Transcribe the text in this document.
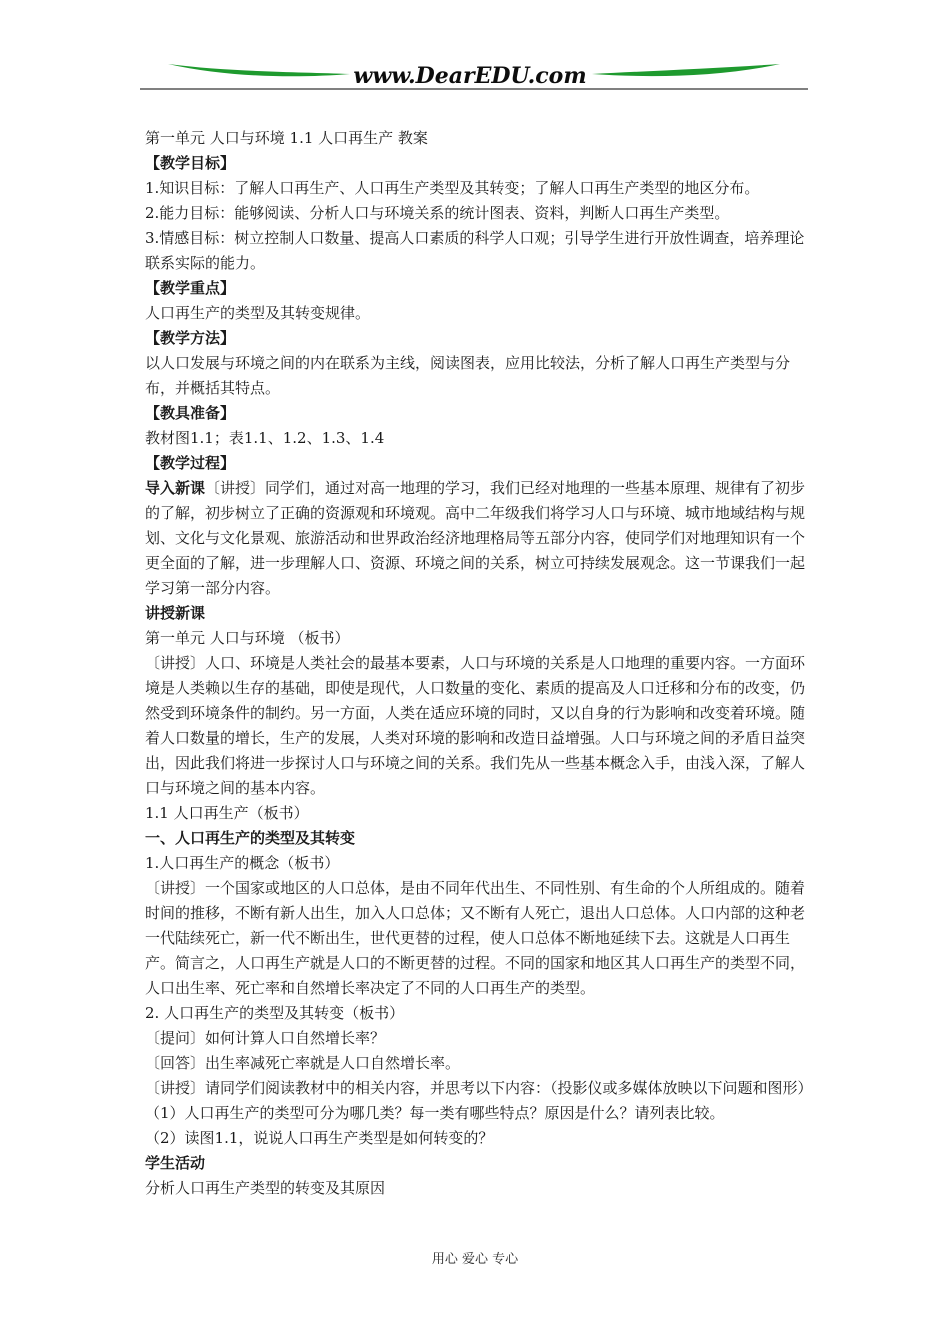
www.DearEDU.com

第一单元 人口与环境 1.1 人口再生产 教案

【教学目标】

1.知识目标：了解人口再生产、人口再生产类型及其转变；了解人口再生产类型的地区分布。

2.能力目标：能够阅读、分析人口与环境关系的统计图表、资料，判断人口再生产类型。

3.情感目标：树立控制人口数量、提高人口素质的科学人口观；引导学生进行开放性调查，培养理论联系实际的能力。

【教学重点】

人口再生产的类型及其转变规律。

【教学方法】

以人口发展与环境之间的内在联系为主线，阅读图表，应用比较法，分析了解人口再生产类型与分布，并概括其特点。

【教具准备】

教材图1.1；表1.1、1.2、1.3、1.4

【教学过程】

导入新课〔讲授〕同学们，通过对高一地理的学习，我们已经对地理的一些基本原理、规律有了初步的了解，初步树立了正确的资源观和环境观。高中二年级我们将学习人口与环境、城市地域结构与规划、文化与文化景观、旅游活动和世界政治经济地理格局等五部分内容，使同学们对地理知识有一个更全面的了解，进一步理解人口、资源、环境之间的关系，树立可持续发展观念。这一节课我们一起学习第一部分内容。

讲授新课

第一单元 人口与环境 （板书）

〔讲授〕人口、环境是人类社会的最基本要素，人口与环境的关系是人口地理的重要内容。一方面环境是人类赖以生存的基础，即使是现代，人口数量的变化、素质的提高及人口迁移和分布的改变，仍然受到环境条件的制约。另一方面，人类在适应环境的同时，又以自身的行为影响和改变着环境。随着人口数量的增长，生产的发展，人类对环境的影响和改造日益增强。人口与环境之间的矛盾日益突出，因此我们将进一步探讨人口与环境之间的关系。我们先从一些基本概念入手，由浅入深，了解人口与环境之间的基本内容。

1.1 人口再生产（板书）

一、人口再生产的类型及其转变

1.人口再生产的概念（板书）

〔讲授〕一个国家或地区的人口总体，是由不同年代出生、不同性别、有生命的个人所组成的。随着时间的推移，不断有新人出生，加入人口总体；又不断有人死亡，退出人口总体。人口内部的这种老一代陆续死亡，新一代不断出生，世代更替的过程，使人口总体不断地延续下去。这就是人口再生产。简言之，人口再生产就是人口的不断更替的过程。不同的国家和地区其人口再生产的类型不同，人口出生率、死亡率和自然增长率决定了不同的人口再生产的类型。

2. 人口再生产的类型及其转变（板书）

〔提问〕如何计算人口自然增长率？

〔回答〕出生率减死亡率就是人口自然增长率。

〔讲授〕请同学们阅读教材中的相关内容，并思考以下内容：（投影仪或多媒体放映以下问题和图形）

（1）人口再生产的类型可分为哪几类？每一类有哪些特点？原因是什么？请列表比较。

（2）读图1.1，说说人口再生产类型是如何转变的？

学生活动

分析人口再生产类型的转变及其原因

用心 爱心 专心
